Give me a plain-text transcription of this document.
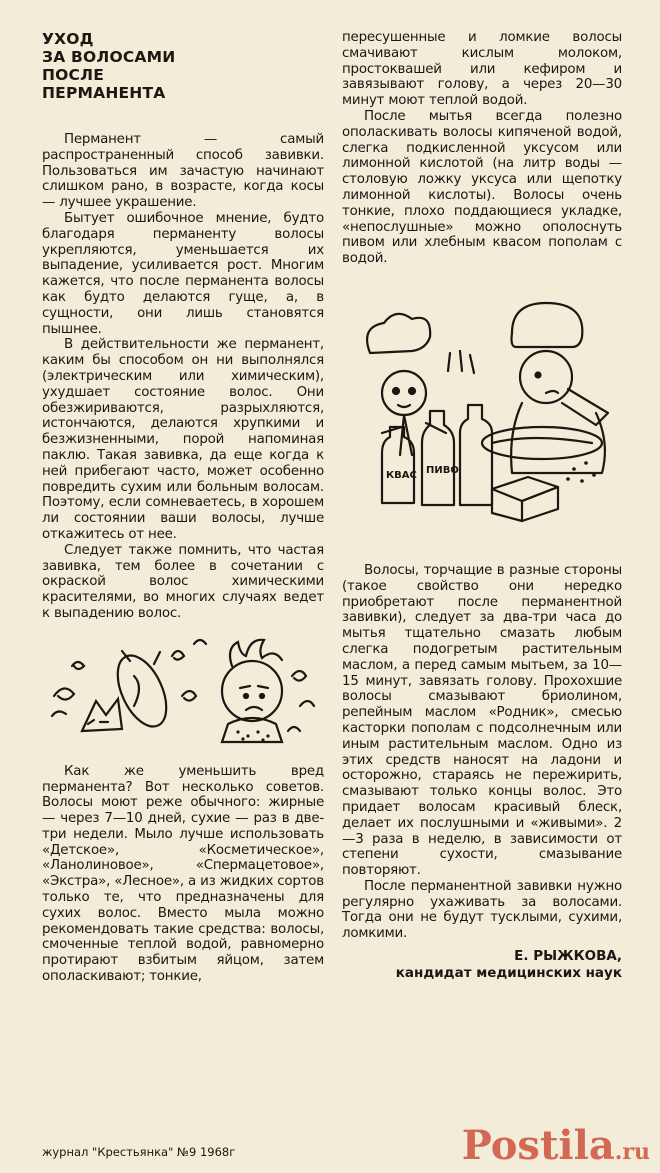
УХОД
ЗА ВОЛОСАМИ
ПОСЛЕ
ПЕРМАНЕНТА

Перманент — самый распространенный способ завивки. Пользоваться им зачастую начинают слишком рано, в возрасте, когда косы — лучшее украшение.

Бытует ошибочное мнение, будто благодаря перманенту волосы укрепляются, уменьшается их выпадение, усиливается рост. Многим кажется, что после перманента волосы как будто делаются гуще, а, в сущности, они лишь становятся пышнее.

В действительности же перманент, каким бы способом он ни выполнялся (электрическим или химическим), ухудшает состояние волос. Они обезжириваются, разрыхляются, истончаются, делаются хрупкими и безжизненными, порой напоминая паклю. Такая завивка, да еще когда к ней прибегают часто, может особенно повредить сухим или больным волосам. Поэтому, если сомневаетесь, в хорошем ли состоянии ваши волосы, лучше откажитесь от нее.

Следует также помнить, что частая завивка, тем более в сочетании с окраской волос химическими красителями, во многих случаях ведет к выпадению волос.

Как же уменьшить вред перманента? Вот несколько советов. Волосы моют реже обычного: жирные — через 7—10 дней, сухие — раз в две-три недели. Мыло лучше использовать «Детское», «Косметическое», «Ланолиновое», «Спермацетовое», «Экстра», «Лесное», а из жидких сортов только те, что предназначены для сухих волос. Вместо мыла можно рекомендовать такие средства: волосы, смоченные теплой водой, равномерно протирают взбитым яйцом, затем ополаскивают; тонкие,

пересушенные и ломкие волосы смачивают кислым молоком, простоквашей или кефиром и завязывают голову, а через 20—30 минут моют теплой водой.

После мытья всегда полезно ополаскивать волосы кипяченой водой, слегка подкисленной уксусом или лимонной кислотой (на литр воды — столовую ложку уксуса или щепотку лимонной кислоты). Волосы очень тонкие, плохо поддающиеся укладке, «непослушные» можно ополоснуть пивом или хлебным квасом пополам с водой.

КВАС ПИВО

Волосы, торчащие в разные стороны (такое свойство они нередко приобретают после перманентной завивки), следует за два-три часа до мытья тщательно смазать любым слегка подогретым растительным маслом, а перед самым мытьем, за 10—15 минут, завязать голову. Прохохшие волосы смазывают бриолином, репейным маслом «Родник», смесью касторки пополам с подсолнечным или иным растительным маслом. Одно из этих средств наносят на ладони и осторожно, стараясь не пережирить, смазывают только концы волос. Это придает волосам красивый блеск, делает их послушными и «живыми». 2—3 раза в неделю, в зависимости от степени сухости, смазывание повторяют.

После перманентной завивки нужно регулярно ухаживать за волосами. Тогда они не будут тусклыми, сухими, ломкими.

Е. РЫЖКОВА,
кандидат медицинских наук
журнал "Крестьянка" №9 1968г	Postila.ru
